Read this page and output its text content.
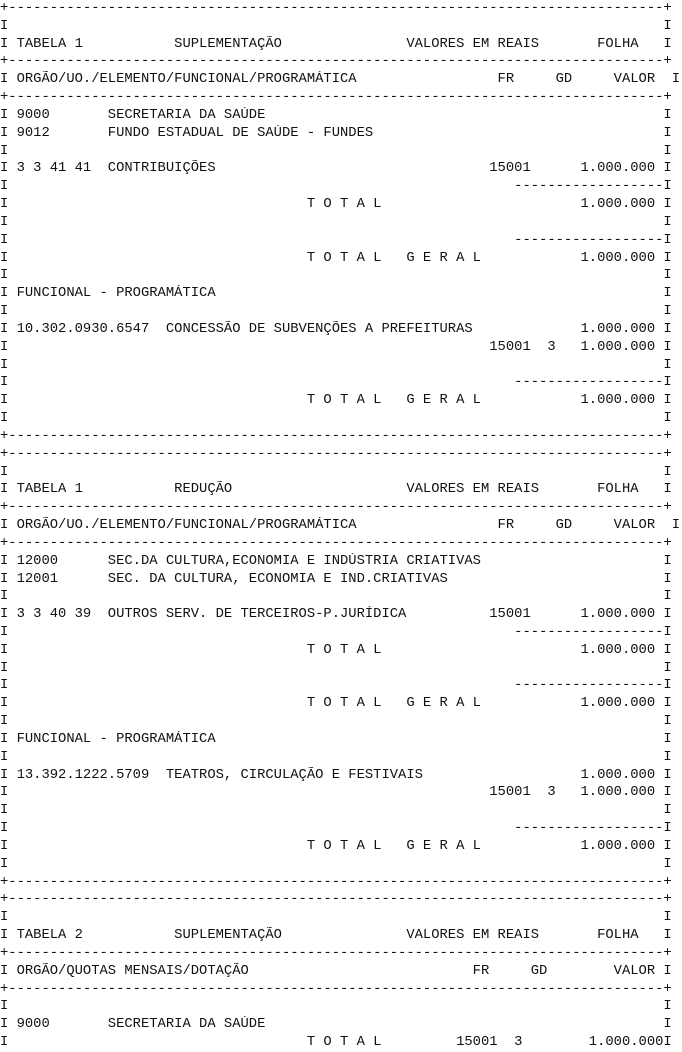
+-------------------------------------------------------------------------------+
I                                                                               I
I TABELA 1           SUPLEMENTAÇÃO               VALORES EM REAIS       FOLHA   I
+-------------------------------------------------------------------------------+
I ORGÃO/UO./ELEMENTO/FUNCIONAL/PROGRAMÁTICA                 FR     GD     VALOR  I
+-------------------------------------------------------------------------------+
I 9000       SECRETARIA DA SAÚDE                                                I
I 9012       FUNDO ESTADUAL DE SAÚDE - FUNDES                                   I
I                                                                               I
I 3 3 41 41  CONTRIBUIÇÕES                                 15001      1.000.000 I
I                                                             ------------------I
I                                    T O T A L                        1.000.000 I
I                                                                               I
I                                                             ------------------I
I                                    T O T A L   G E R A L            1.000.000 I
I                                                                               I
I FUNCIONAL - PROGRAMÁTICA                                                      I
I                                                                               I
I 10.302.0930.6547  CONCESSÃO DE SUBVENÇÕES A PREFEITURAS             1.000.000 I
I                                                          15001  3   1.000.000 I
I                                                                               I
I                                                             ------------------I
I                                    T O T A L   G E R A L            1.000.000 I
I                                                                               I
+-------------------------------------------------------------------------------+
+-------------------------------------------------------------------------------+
I                                                                               I
I TABELA 1           REDUÇÃO                     VALORES EM REAIS       FOLHA   I
+-------------------------------------------------------------------------------+
I ORGÃO/UO./ELEMENTO/FUNCIONAL/PROGRAMÁTICA                 FR     GD     VALOR  I
+-------------------------------------------------------------------------------+
I 12000      SEC.DA CULTURA,ECONOMIA E INDÚSTRIA CRIATIVAS                      I
I 12001      SEC. DA CULTURA, ECONOMIA E IND.CRIATIVAS                          I
I                                                                               I
I 3 3 40 39  OUTROS SERV. DE TERCEIROS-P.JURÍDICA          15001      1.000.000 I
I                                                             ------------------I
I                                    T O T A L                        1.000.000 I
I                                                                               I
I                                                             ------------------I
I                                    T O T A L   G E R A L            1.000.000 I
I                                                                               I
I FUNCIONAL - PROGRAMÁTICA                                                      I
I                                                                               I
I 13.392.1222.5709  TEATROS, CIRCULAÇÃO E FESTIVAIS                   1.000.000 I
I                                                          15001  3   1.000.000 I
I                                                                               I
I                                                             ------------------I
I                                    T O T A L   G E R A L            1.000.000 I
I                                                                               I
+-------------------------------------------------------------------------------+
+-------------------------------------------------------------------------------+
I                                                                               I
I TABELA 2           SUPLEMENTAÇÃO               VALORES EM REAIS       FOLHA   I
+-------------------------------------------------------------------------------+
I ORGÃO/QUOTAS MENSAIS/DOTAÇÃO                           FR     GD        VALOR I
+-------------------------------------------------------------------------------+
I                                                                               I
I 9000       SECRETARIA DA SAÚDE                                                I
I                                    T O T A L         15001  3        1.000.000I
